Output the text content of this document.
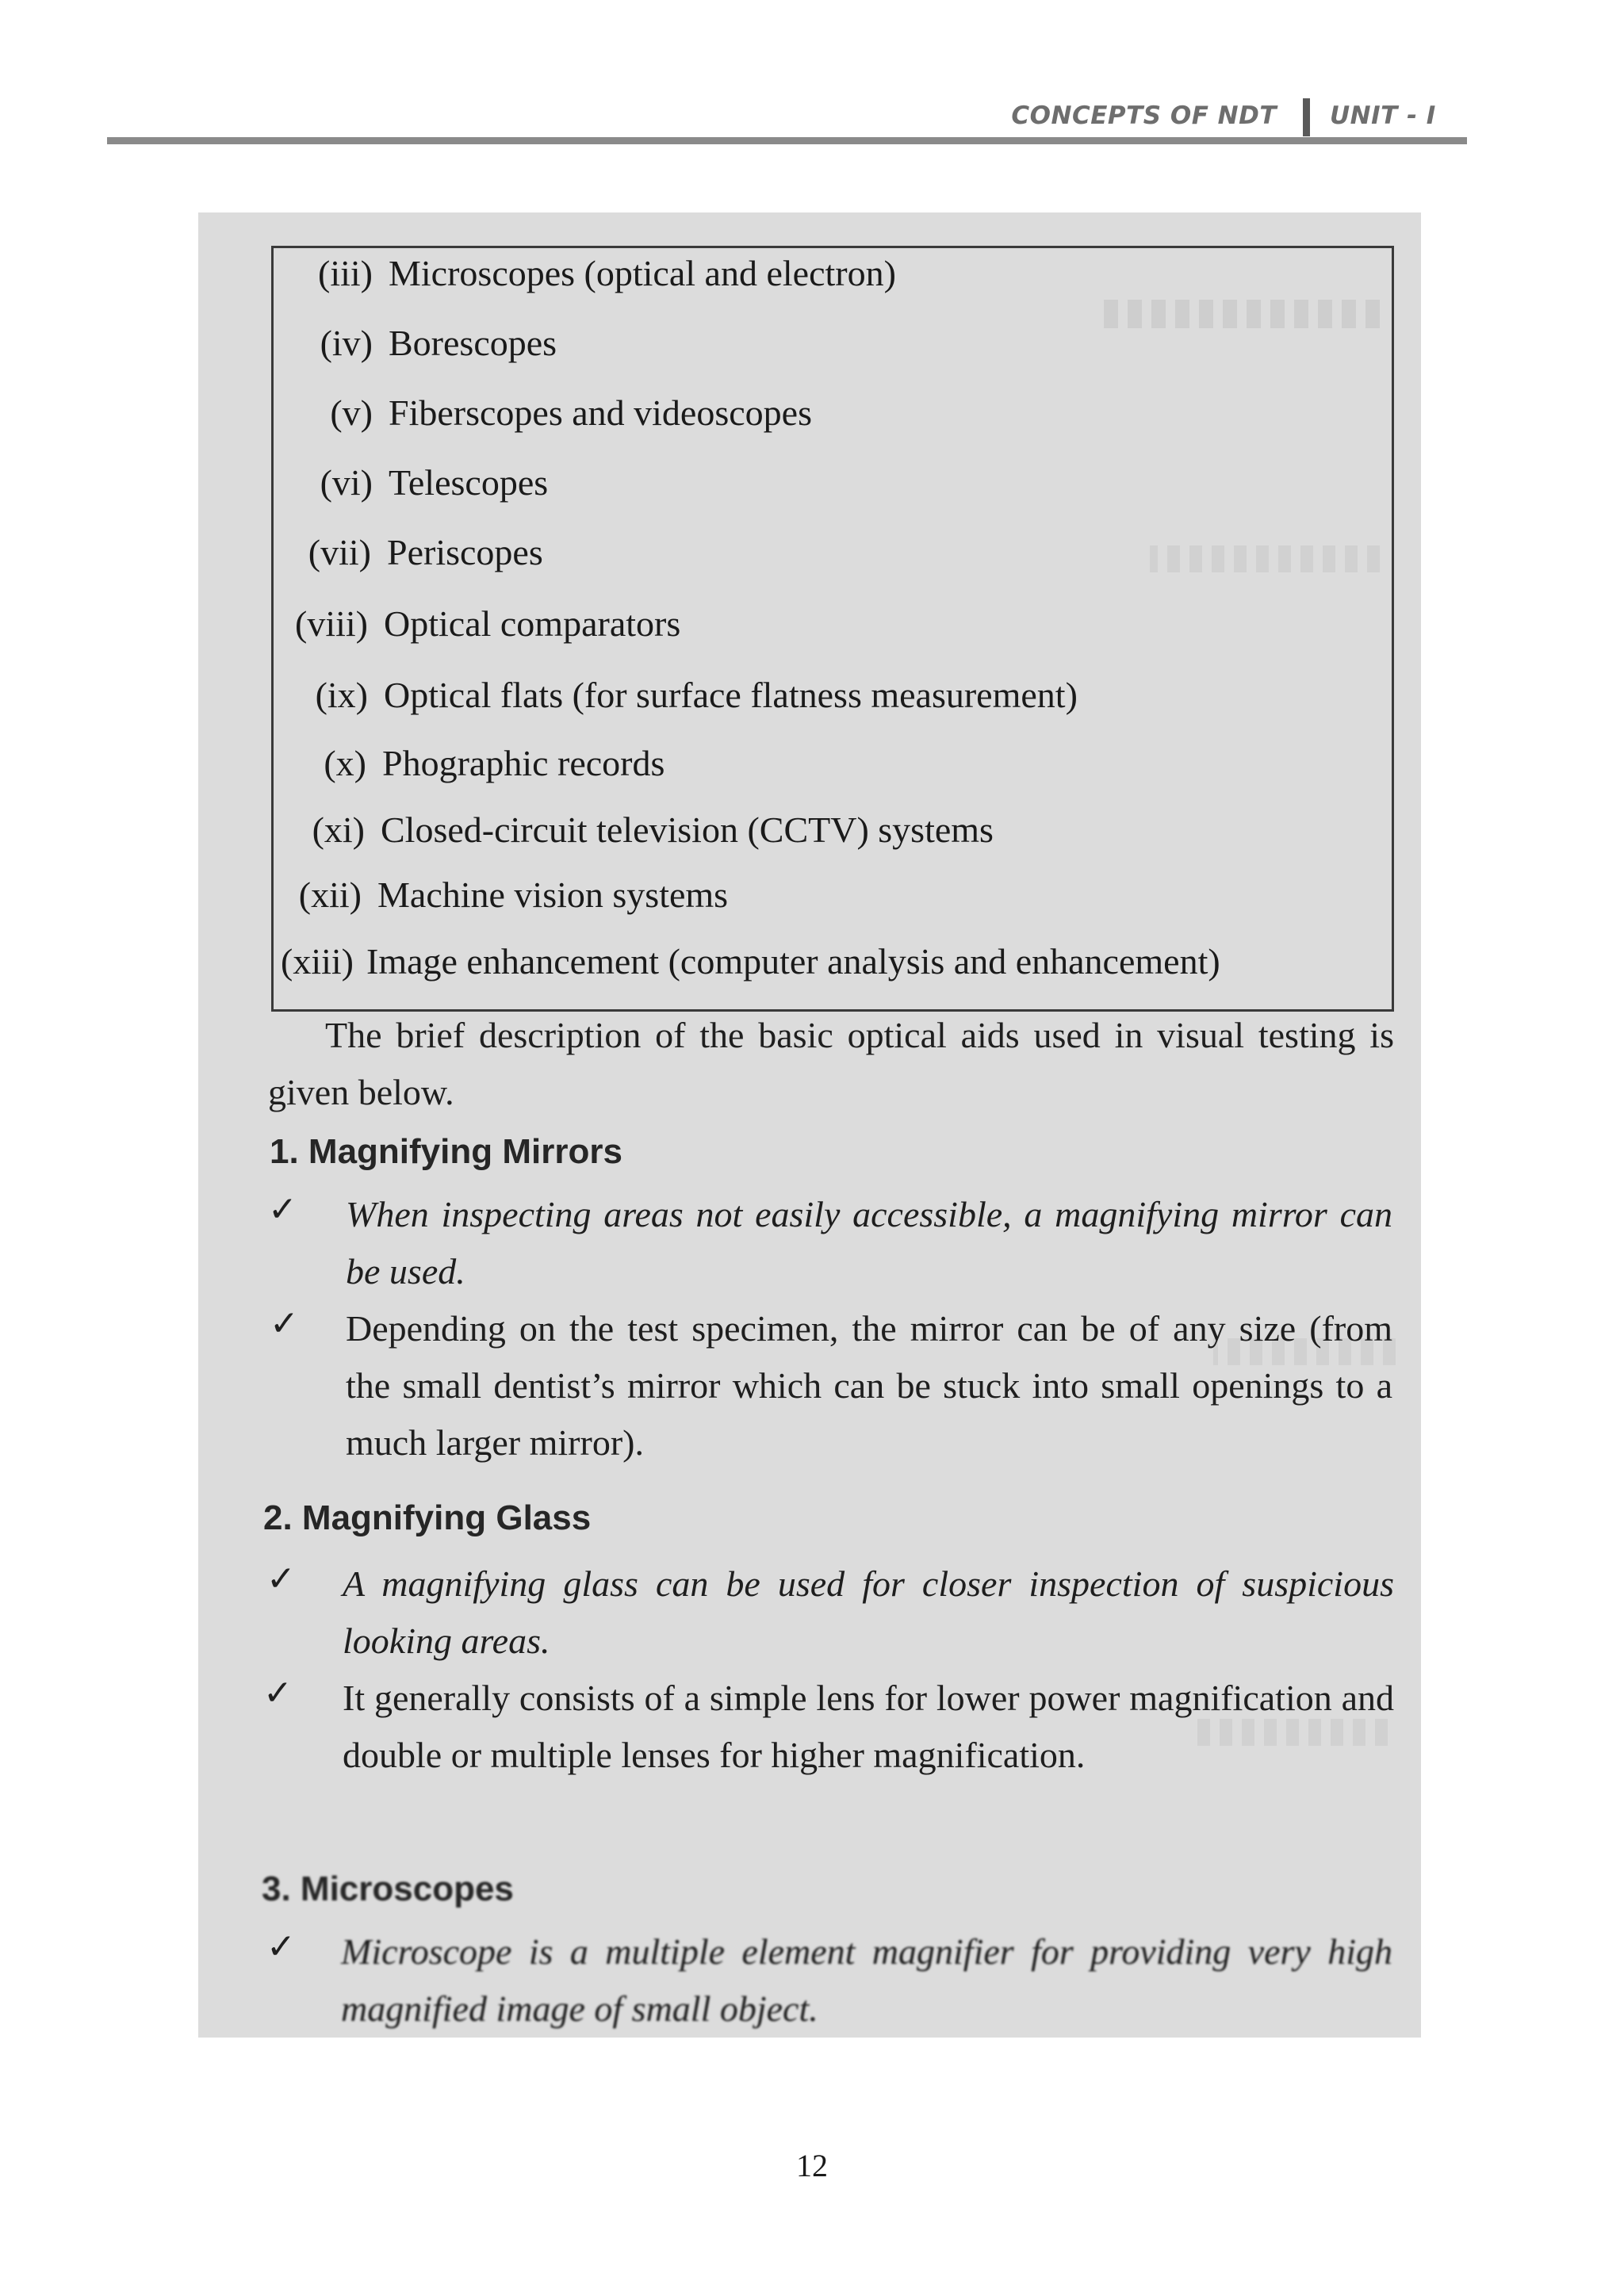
CONCEPTS OF NDT UNIT - I
(iii) Microscopes (optical and electron)
(iv) Borescopes
(v) Fiberscopes and videoscopes
(vi) Telescopes
(vii) Periscopes
(viii) Optical comparators
(ix) Optical flats (for surface flatness measurement)
(x) Phographic records
(xi) Closed-circuit television (CCTV) systems
(xii) Machine vision systems
(xiii) Image enhancement (computer analysis and enhancement)
The brief description of the basic optical aids used in visual testing is given below.
1. Magnifying Mirrors
✓ When inspecting areas not easily accessible, a magnifying mirror can be used.
✓ Depending on the test specimen, the mirror can be of any size (from the small dentist’s mirror which can be stuck into small openings to a much larger mirror).
2. Magnifying Glass
✓ A magnifying glass can be used for closer inspection of suspicious looking areas.
✓ It generally consists of a simple lens for lower power magnification and double or multiple lenses for higher magnification.
3. Microscopes
✓ Microscope is a multiple element magnifier for providing very high magnified image of small object.
12
